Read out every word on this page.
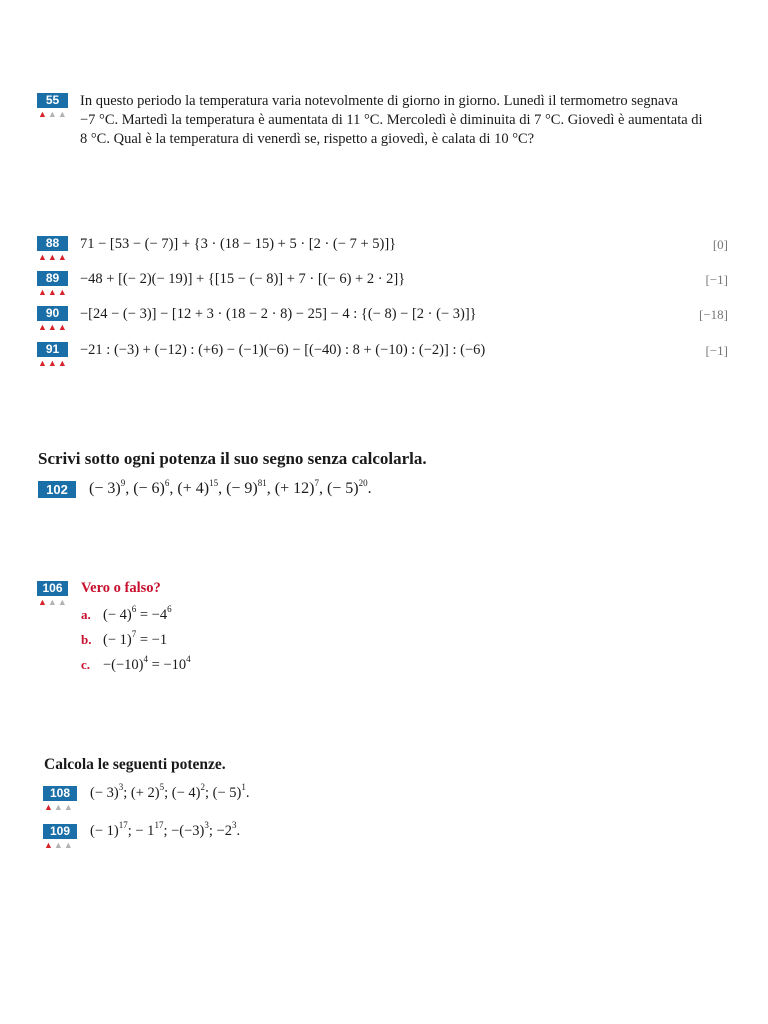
55
▲▲▲
In questo periodo la temperatura varia notevolmente di giorno in giorno. Lunedì il termometro segnava
−7 °C. Martedì la temperatura è aumentata di 11 °C. Mercoledì è diminuita di 7 °C. Giovedì è aumentata di
8 °C. Qual è la temperatura di venerdì se, rispetto a giovedì, è calata di 10 °C?
88
▲▲▲
71 − [53 − (− 7)] + {3 · (18 − 15) + 5 · [2 · (− 7 + 5)]}	[0]
89
▲▲▲
−48 + [(− 2)(− 19)] + {[15 − (− 8)] + 7 · [(− 6) + 2 · 2]}	[−1]
90
▲▲▲
−[24 − (− 3)] − [12 + 3 · (18 − 2 · 8) − 25] − 4 : {(− 8) − [2 · (− 3)]}	[−18]
91
▲▲▲
−21 : (−3) + (−12) : (+6) − (−1)(−6) − [(−40) : 8 + (−10) : (−2)] : (−6)	[−1]
Scrivi sotto ogni potenza il suo segno senza calcolarla.
102	(− 3)$^9$, (− 6)$^6$, (+ 4)$^{15}$, (− 9)$^{81}$, (+ 12)$^7$, (− 5)$^{20}$.
106
▲▲▲
Vero o falso?
a. (− $4)^6 = -4^6$
b. (− 1)$^7$ = −1
c. $-(-10)^4 = -10^4$
Calcola le seguenti potenze.
108
▲▲▲
(− 3)$^3$; (+ 2)$^5$; (− 4)$^2$; (− 5)$^1$.
109
▲▲▲
(− 1)$^{17}$; − $1^{17}$; $-(-3)^3$; $-2^3$.
